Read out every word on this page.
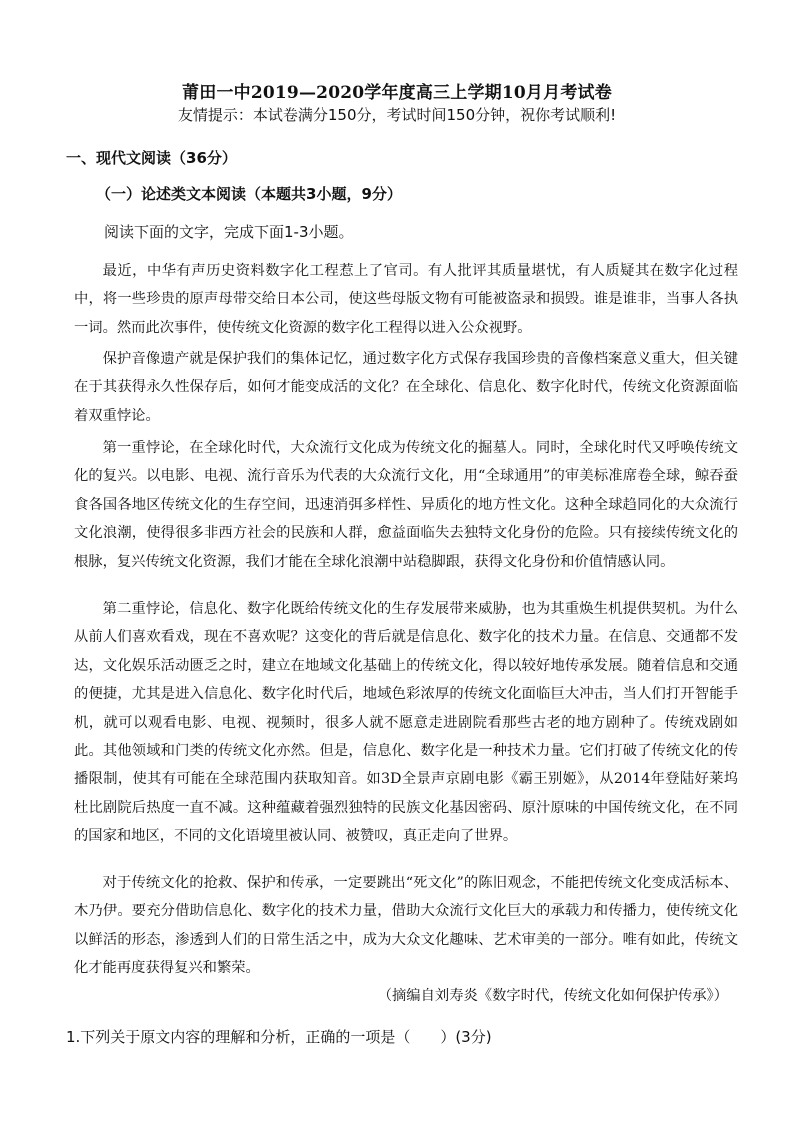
莆田一中2019—2020学年度高三上学期10月月考试卷
友情提示：本试卷满分150分，考试时间150分钟，祝你考试顺利!
一、现代文阅读（36分）
（一）论述类文本阅读（本题共3小题，9分）
阅读下面的文字，完成下面1-3小题。

最近，中华有声历史资料数字化工程惹上了官司。有人批评其质量堪忧，有人质疑其在数字化过程中，将一些珍贵的原声母带交给日本公司，使这些母版文物有可能被盗录和损毁。谁是谁非，当事人各执一词。然而此次事件，使传统文化资源的数字化工程得以进入公众视野。

保护音像遗产就是保护我们的集体记忆，通过数字化方式保存我国珍贵的音像档案意义重大，但关键在于其获得永久性保存后，如何才能变成活的文化？在全球化、信息化、数字化时代，传统文化资源面临着双重悖论。

第一重悖论，在全球化时代，大众流行文化成为传统文化的掘墓人。同时，全球化时代又呼唤传统文化的复兴。以电影、电视、流行音乐为代表的大众流行文化，用“全球通用”的审美标准席卷全球，鲸吞蚕食各国各地区传统文化的生存空间，迅速消弭多样性、异质化的地方性文化。这种全球趋同化的大众流行文化浪潮，使得很多非西方社会的民族和人群，愈益面临失去独特文化身份的危险。只有接续传统文化的根脉，复兴传统文化资源，我们才能在全球化浪潮中站稳脚跟，获得文化身份和价值情感认同。

第二重悖论，信息化、数字化既给传统文化的生存发展带来威胁，也为其重焕生机提供契机。为什么从前人们喜欢看戏，现在不喜欢呢？这变化的背后就是信息化、数字化的技术力量。在信息、交通都不发达，文化娱乐活动匮乏之时，建立在地域文化基础上的传统文化，得以较好地传承发展。随着信息和交通的便捷，尤其是进入信息化、数字化时代后，地域色彩浓厚的传统文化面临巨大冲击，当人们打开智能手机，就可以观看电影、电视、视频时，很多人就不愿意走进剧院看那些古老的地方剧种了。传统戏剧如此。其他领域和门类的传统文化亦然。但是，信息化、数字化是一种技术力量。它们打破了传统文化的传播限制，使其有可能在全球范围内获取知音。如3D全景声京剧电影《霸王别姬》，从2014年登陆好莱坞杜比剧院后热度一直不减。这种蕴藏着强烈独特的民族文化基因密码、原汁原味的中国传统文化，在不同的国家和地区，不同的文化语境里被认同、被赞叹，真正走向了世界。

对于传统文化的抢救、保护和传承，一定要跳出“死文化”的陈旧观念，不能把传统文化变成活标本、木乃伊。要充分借助信息化、数字化的技术力量，借助大众流行文化巨大的承载力和传播力，使传统文化以鲜活的形态，渗透到人们的日常生活之中，成为大众文化趣味、艺术审美的一部分。唯有如此，传统文化才能再度获得复兴和繁荣。

（摘编自刘寿炎《数字时代，传统文化如何保护传承》）
1.下列关于原文内容的理解和分析，正确的一项是（　　）(3分)
